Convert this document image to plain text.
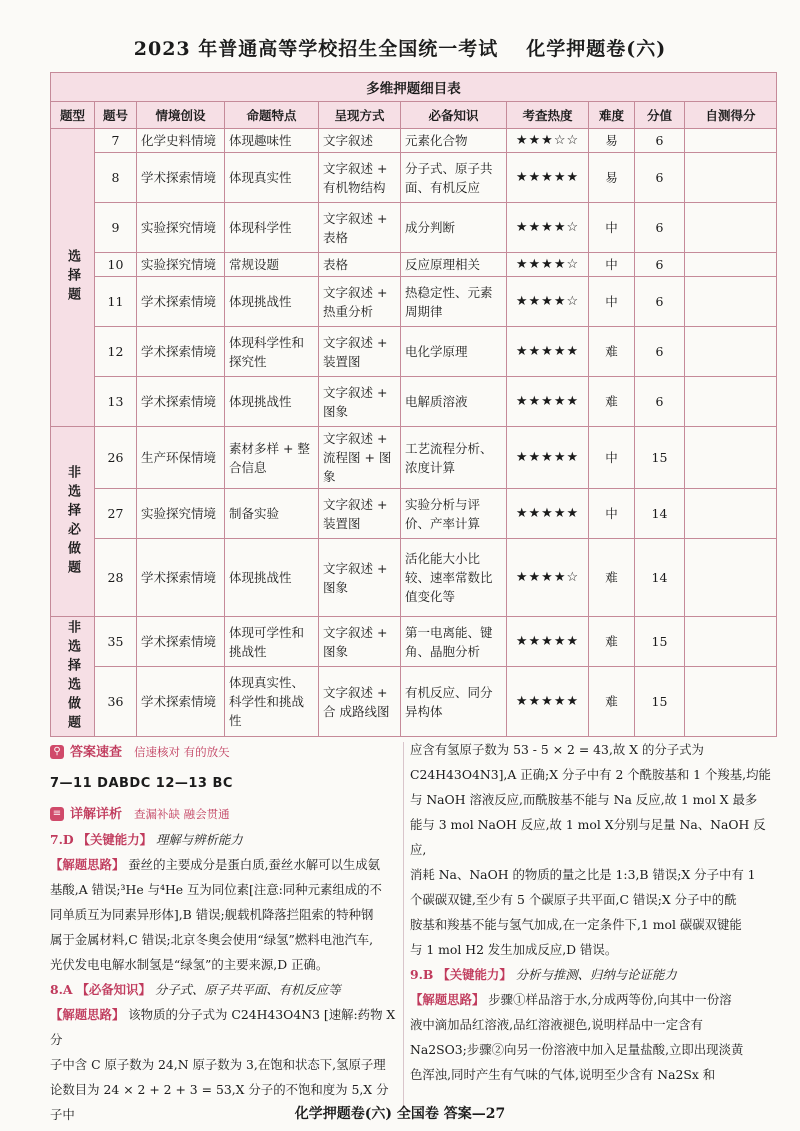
2023 年普通高等学校招生全国统一考试 化学押题卷(六)
多维押题细目表									
题型	题号	情境创设	命题特点	呈现方式	必备知识	考查热度	难度	分值	自测得分
选择题	7	化学史料情境	体现趣味性	文字叙述	元素化合物	★★★☆☆	易	6	
	8	学术探索情境	体现真实性	文字叙述 + 有机物结构	分子式、原子共面、有机反应	★★★★★	易	6	
	9	实验探究情境	体现科学性	文字叙述 + 表格	成分判断	★★★★☆	中	6	
	10	实验探究情境	常规设题	表格	反应原理相关	★★★★☆	中	6	
	11	学术探索情境	体现挑战性	文字叙述 + 热重分析	热稳定性、元素周期律	★★★★☆	中	6	
	12	学术探索情境	体现科学性和探究性	文字叙述 + 装置图	电化学原理	★★★★★	难	6	
	13	学术探索情境	体现挑战性	文字叙述 + 图象	电解质溶液	★★★★★	难	6	
非选择必做题	26	生产环保情境	素材多样 + 整合信息	文字叙述 + 流程图 + 图象	工艺流程分析、浓度计算	★★★★★	中	15	
	27	实验探究情境	制备实验	文字叙述 + 装置图	实验分析与评价、产率计算	★★★★★	中	14	
	28	学术探索情境	体现挑战性	文字叙述 + 图象	活化能大小比较、速率常数比值变化等	★★★★☆	难	14	
非选择选做题	35	学术探索情境	体现可学性和挑战性	文字叙述 + 图象	第一电离能、键角、晶胞分析	★★★★★	难	15	
	36	学术探索情境	体现真实性、科学性和挑战性	文字叙述 + 合 成路线图	有机反应、同分异构体	★★★★★	难	15	
⚲ 答案速查 信速核对 有的放矢
7—11 DABDC 12—13 BC
≡ 详解详析 查漏补缺 融会贯通
7.D 【关键能力】 理解与辨析能力
【解题思路】 蚕丝的主要成分是蛋白质,蚕丝水解可以生成氨
基酸,A 错误;³He 与⁴He 互为同位素[注意:同种元素组成的不
同单质互为同素异形体],B 错误;舰载机降落拦阻索的特种钢
属于金属材料,C 错误;北京冬奥会使用“绿氢”燃料电池汽车,
光伏发电电解水制氢是“绿氢”的主要来源,D 正确。
8.A 【必备知识】 分子式、原子共平面、有机反应等
【解题思路】 该物质的分子式为 C24H43O4N3 [速解:药物 X 分
子中含 C 原子数为 24,N 原子数为 3,在饱和状态下,氢原子理
论数目为 24 × 2 + 2 + 3 = 53,X 分子的不饱和度为 5,X 分子中
应含有氢原子数为 53 - 5 × 2 = 43,故 X 的分子式为
C24H43O4N3],A 正确;X 分子中有 2 个酰胺基和 1 个羧基,均能
与 NaOH 溶液反应,而酰胺基不能与 Na 反应,故 1 mol X 最多
能与 3 mol NaOH 反应,故 1 mol X分别与足量 Na、NaOH 反应,
消耗 Na、NaOH 的物质的量之比是 1:3,B 错误;X 分子中有 1
个碳碳双键,至少有 5 个碳原子共平面,C 错误;X 分子中的酰
胺基和羧基不能与氢气加成,在一定条件下,1 mol 碳碳双键能
与 1 mol H2 发生加成反应,D 错误。
9.B 【关键能力】 分析与推测、归纳与论证能力
【解题思路】 步骤①样品溶于水,分成两等份,向其中一份溶
液中滴加品红溶液,品红溶液褪色,说明样品中一定含有
Na2SO3;步骤②向另一份溶液中加入足量盐酸,立即出现淡黄
色浑浊,同时产生有气味的气体,说明至少含有 Na2Sx 和
化学押题卷(六) 全国卷 答案—27
